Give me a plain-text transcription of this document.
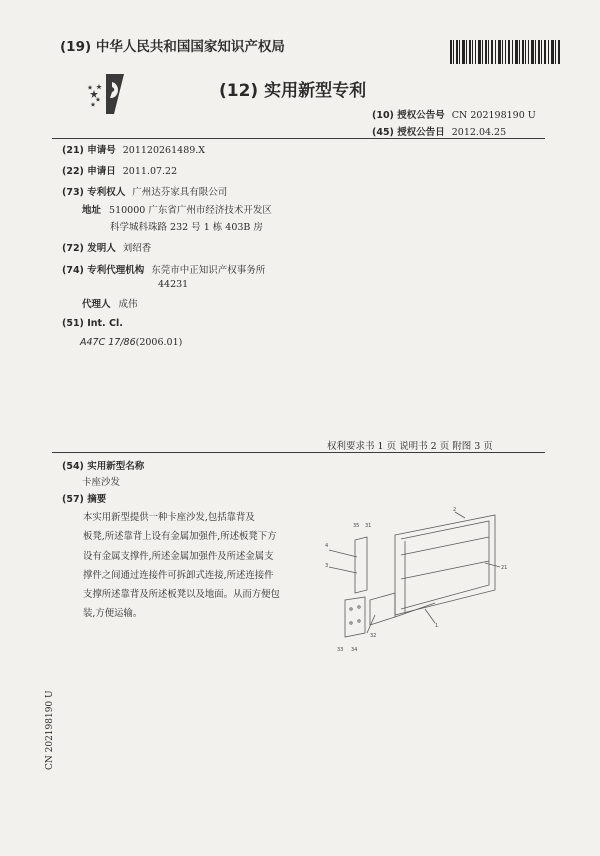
(19) 中华人民共和国国家知识产权局
(12) 实用新型专利
(10) 授权公告号 CN 202198190 U
(45) 授权公告日 2012.04.25
(21) 申请号 201120261489.X
(22) 申请日 2011.07.22
(73) 专利权人 广州达芬家具有限公司
地址 510000 广东省广州市经济技术开发区
科学城科珠路 232 号 1 栋 403B 房
(72) 发明人 刘绍香
(74) 专利代理机构 东莞市中正知识产权事务所
44231
代理人 成伟
(51) Int. Cl.
A47C 17/86(2006.01)
权利要求书 1 页 说明书 2 页 附图 3 页
(54) 实用新型名称
卡座沙发
(57) 摘要
本实用新型提供一种卡座沙发,包括靠背及
板凳,所述靠背上设有金属加强件,所述板凳下方
设有金属支撑件,所述金属加强件及所述金属支
撑件之间通过连接件可拆卸式连接,所述连接件
支撑所述靠背及所述板凳以及地面。从而方便包
装,方便运输。
2
35 31
4
3	21
1
32
33 34
CN 202198190 U
